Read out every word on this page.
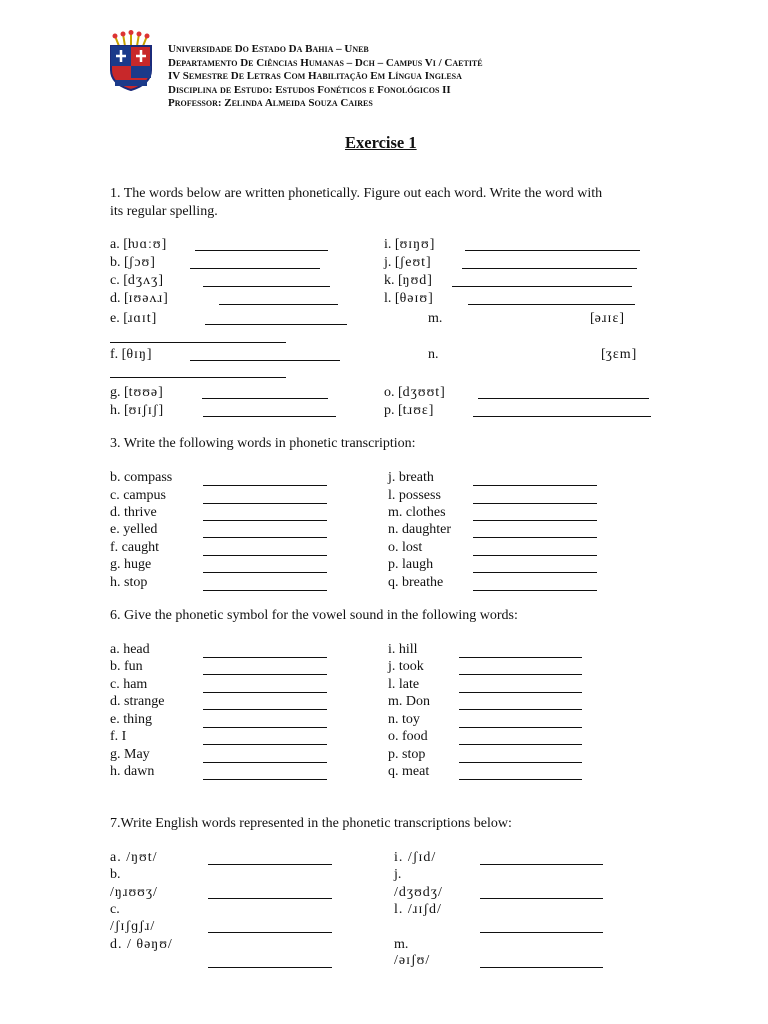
Universidade Do Estado Da Bahia – Uneb
Departamento De Ciências Humanas – Dch – Campus Vi / Caetité
IV Semestre De Letras Com Habilitação Em Língua Inglesa
Disciplina de Estudo: Estudos Fonéticos e Fonológicos II
Professor: Zelinda Almeida Souza Caires
Exercise 1
1. The words below are written phonetically. Figure out each word. Write the word with
its regular spelling.
a. [ƕɑːʊ]
b. [ʃɔʊ]
c. [dʒʌʒ]
d. [ɪʊəʌɹ]
e. [ɹɑɪt]
f. [θɪŋ]
g. [tʊʊə]
h. [ʊɪʃɪʃ]
i. [ʊɪŋʊ]
j. [ʃeʊt]
k. [ŋʊd]
l. [θəɪʊ]
m.	[əɹɪɛ]
n.	[ʒɛm]
o. [dʒʊʊt]
p. [tɹʊɛ]
3. Write the following words in phonetic transcription:
b. compass
c. campus
d. thrive
e. yelled
f. caught
g. huge
h. stop
j. breath
l. possess
m. clothes
n. daughter
o. lost
p. laugh
q. breathe
6. Give the phonetic symbol for the vowel sound in the following words:
a. head
b. fun
c. ham
d. strange
e. thing
f. I
g. May
h. dawn
i. hill
j. took
l. late
m. Don
n. toy
o. food
p. stop
q. meat
7.Write English words represented in the phonetic transcriptions below:
a. /ŋʊt/
b.
/ŋɹʊʊʒ/
c.
/ʃɪʃɡʃɹ/
d. / θəŋʊ/
i. /ʃɪd/
j.
/dʒʊdʒ/
l. /ɹɪʃd/
m.
/əɪʃʊ/
